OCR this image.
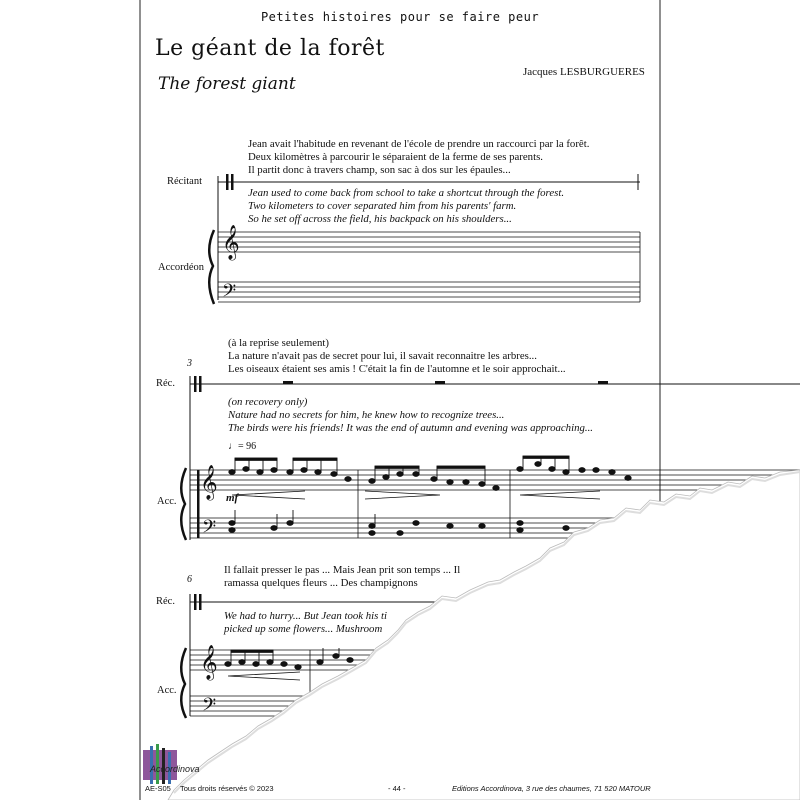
Petites histoires pour se faire peur
Le géant de la forêt
The forest giant
Jacques LESBURGUERES
𝄞
𝄢
𝄞
𝄢
𝄞
𝄢
Jean avait l'habitude en revenant de l'école de prendre un raccourci par la forêt.
Deux kilomètres à parcourir le séparaient de la ferme de ses parents.
Il partit donc à travers champ, son sac à dos sur les épaules...
Jean used to come back from school to take a shortcut through the forest.
Two kilometers to cover separated him from his parents' farm.
So he set off across the field, his backpack on his shoulders...
Récitant
Accordéon
3
(à la reprise seulement)
La nature n'avait pas de secret pour lui, il savait reconnaitre les arbres...
Les oiseaux étaient ses amis ! C'était la fin de l'automne et le soir approchait...
(on recovery only)
Nature had no secrets for him, he knew how to recognize trees...
The birds were his friends! It was the end of autumn and evening was approaching...
♩= 96
mf
Réc.
Acc.
6
Il fallait presser le pas ... Mais Jean prit son temps ... Il
ramassa quelques fleurs ... Des champignons
We had to hurry... But Jean took his ti
picked up some flowers... Mushroom
Réc.
Acc.
Accordinova
AE-S05 Tous droits réservés © 2023	- 44 -	Editions Accordinova, 3 rue des chaumes, 71 520 MATOUR
